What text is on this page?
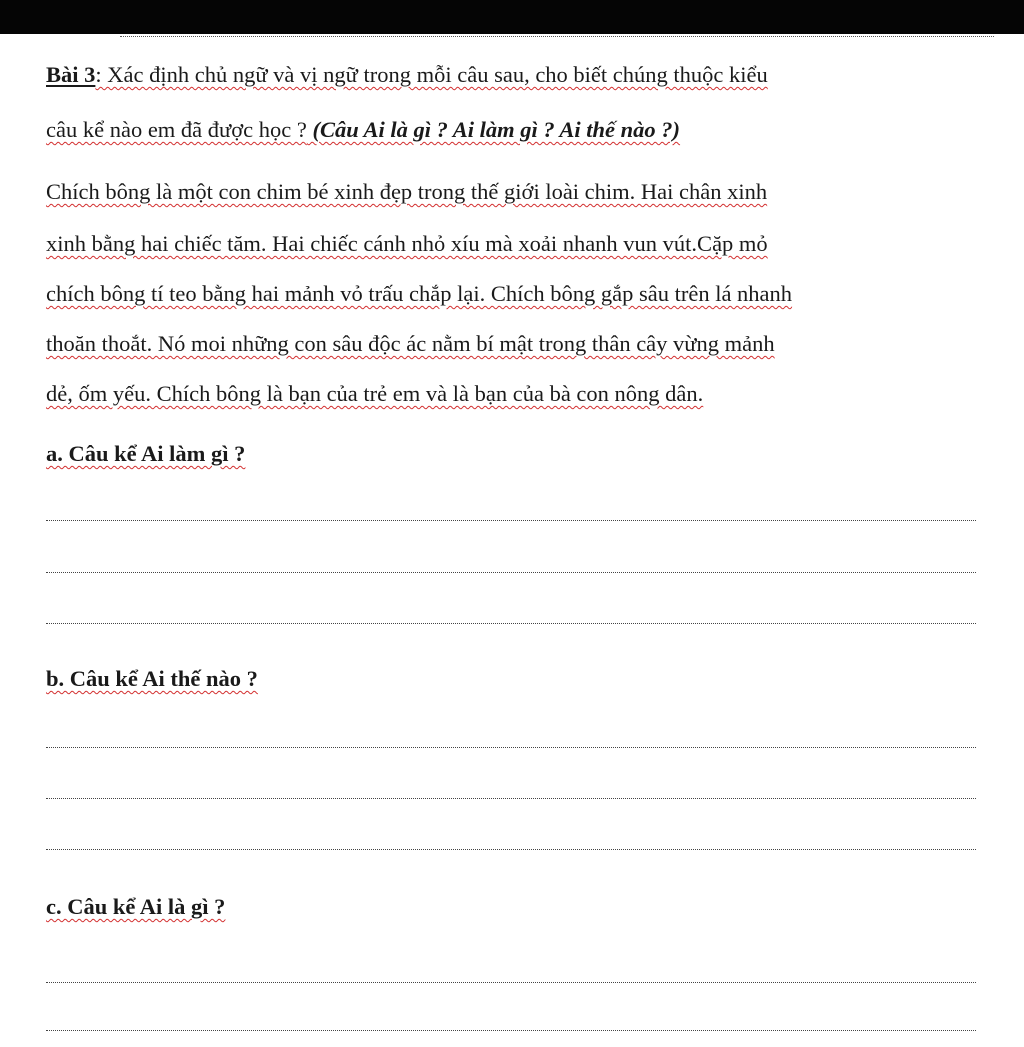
Bài 3: Xác định chủ ngữ và vị ngữ trong mỗi câu sau, cho biết chúng thuộc kiểu
câu kể nào em đã được học ? (Câu Ai là gì ? Ai làm gì ? Ai thế nào ?)
Chích bông là một con chim bé xinh đẹp trong thế giới loài chim. Hai chân xinh
xinh bằng hai chiếc tăm. Hai chiếc cánh nhỏ xíu mà xoải nhanh vun vút.Cặp mỏ
chích bông tí teo bằng hai mảnh vỏ trấu chắp lại. Chích bông gắp sâu trên lá nhanh
thoăn thoắt. Nó moi những con sâu độc ác nằm bí mật trong thân cây vừng mảnh
dẻ, ốm yếu. Chích bông là bạn của trẻ em và là bạn của bà con nông dân.
a. Câu kể Ai làm gì ?
b. Câu kể Ai thế nào ?
c. Câu kể Ai là gì ?
